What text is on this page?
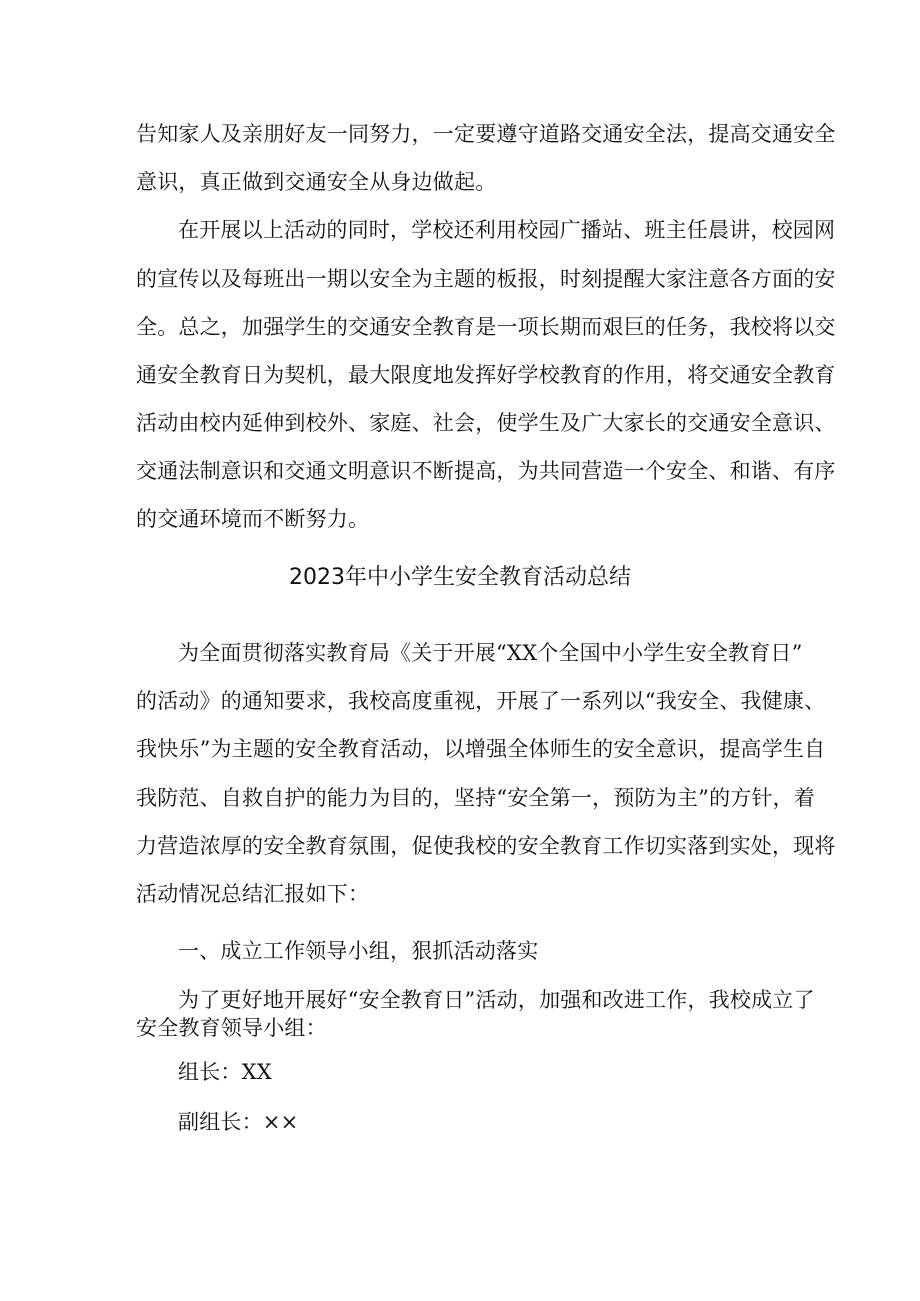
告知家人及亲朋好友一同努力，一定要遵守道路交通安全法，提高交通安全
意识，真正做到交通安全从身边做起。
在开展以上活动的同时，学校还利用校园广播站、班主任晨讲，校园网
的宣传以及每班出一期以安全为主题的板报，时刻提醒大家注意各方面的安
全。总之，加强学生的交通安全教育是一项长期而艰巨的任务，我校将以交
通安全教育日为契机，最大限度地发挥好学校教育的作用，将交通安全教育
活动由校内延伸到校外、家庭、社会，使学生及广大家长的交通安全意识、
交通法制意识和交通文明意识不断提高，为共同营造一个安全、和谐、有序
的交通环境而不断努力。
2023年中小学生安全教育活动总结
为全面贯彻落实教育局《关于开展“XX个全国中小学生安全教育日”
的活动》的通知要求，我校高度重视，开展了一系列以“我安全、我健康、
我快乐”为主题的安全教育活动，以增强全体师生的安全意识，提高学生自
我防范、自救自护的能力为目的，坚持“安全第一，预防为主”的方针，着
力营造浓厚的安全教育氛围，促使我校的安全教育工作切实落到实处，现将
活动情况总结汇报如下：
一、成立工作领导小组，狠抓活动落实
为了更好地开展好“安全教育日”活动，加强和改进工作，我校成立了
安全教育领导小组：
组长：XX
副组长：××
